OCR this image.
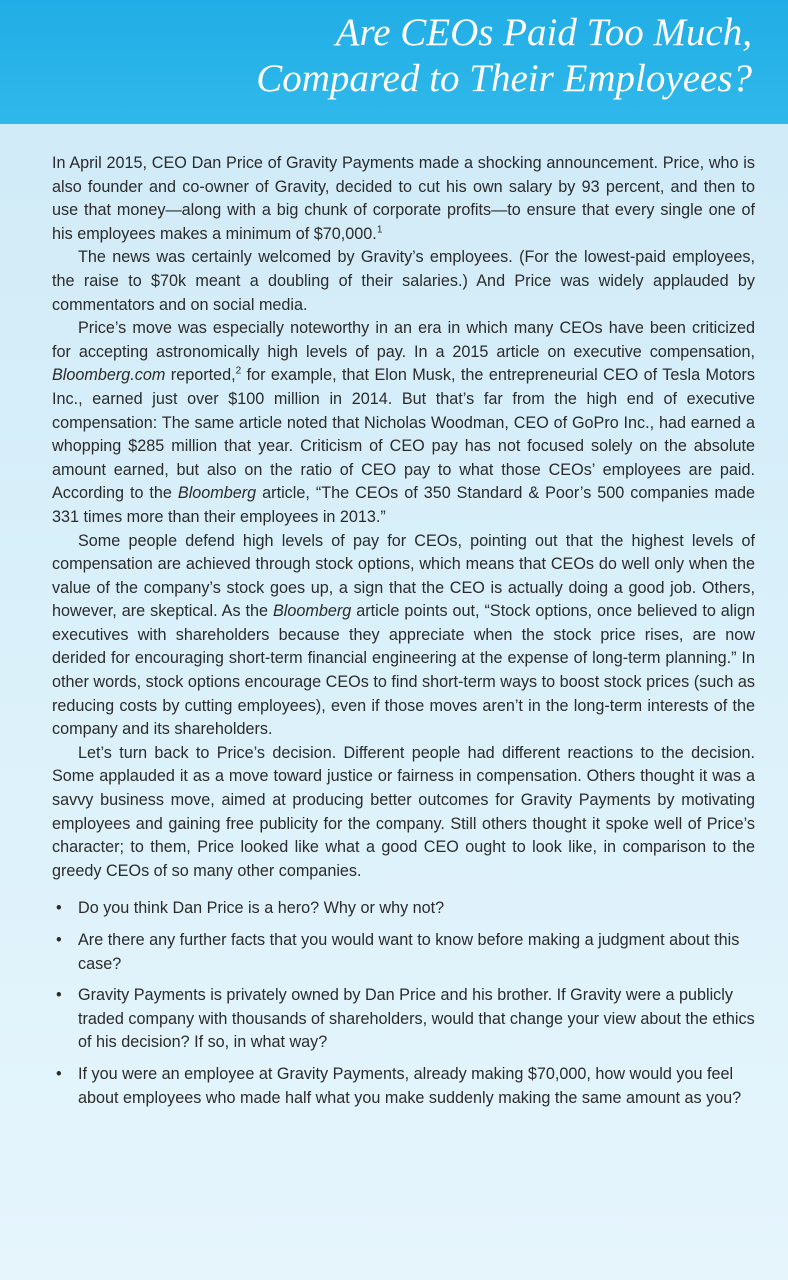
Are CEOs Paid Too Much,
Compared to Their Employees?

In April 2015, CEO Dan Price of Gravity Payments made a shocking announcement. Price, who is also founder and co-owner of Gravity, decided to cut his own salary by 93 percent, and then to use that money—along with a big chunk of corporate profits—to ensure that every single one of his employees makes a minimum of $70,000.$^1$

The news was certainly welcomed by Gravity’s employees. (For the lowest-paid employees, the raise to $70k meant a doubling of their salaries.) And Price was widely applauded by commentators and on social media.

Price’s move was especially noteworthy in an era in which many CEOs have been criticized for accepting astronomically high levels of pay. In a 2015 article on executive compensation, Bloomberg.com reported,$^2$ for example, that Elon Musk, the entrepreneurial CEO of Tesla Motors Inc., earned just over $100 million in 2014. But that’s far from the high end of executive compensation: The same article noted that Nicholas Woodman, CEO of GoPro Inc., had earned a whopping $285 million that year. Criticism of CEO pay has not focused solely on the absolute amount earned, but also on the ratio of CEO pay to what those CEOs’ employees are paid. According to the Bloomberg article, “The CEOs of 350 Standard & Poor’s 500 companies made 331 times more than their employees in 2013.”

Some people defend high levels of pay for CEOs, pointing out that the highest levels of compensation are achieved through stock options, which means that CEOs do well only when the value of the company’s stock goes up, a sign that the CEO is actually doing a good job. Others, however, are skeptical. As the Bloomberg article points out, “Stock options, once believed to align executives with shareholders because they appreciate when the stock price rises, are now derided for encouraging short-term financial engineering at the expense of long-term planning.” In other words, stock options encourage CEOs to find short-term ways to boost stock prices (such as reducing costs by cutting employees), even if those moves aren’t in the long-term interests of the company and its shareholders.

Let’s turn back to Price’s decision. Different people had different reactions to the decision. Some applauded it as a move toward justice or fairness in compensation. Others thought it was a savvy business move, aimed at producing better outcomes for Gravity Payments by motivating employees and gaining free publicity for the company. Still others thought it spoke well of Price’s character; to them, Price looked like what a good CEO ought to look like, in comparison to the greedy CEOs of so many other companies.

• Do you think Dan Price is a hero? Why or why not?
• Are there any further facts that you would want to know before making a judgment about this case?
• Gravity Payments is privately owned by Dan Price and his brother. If Gravity were a publicly traded company with thousands of shareholders, would that change your view about the ethics of his decision? If so, in what way?
• If you were an employee at Gravity Payments, already making $70,000, how would you feel about employees who made half what you make suddenly making the same amount as you?
